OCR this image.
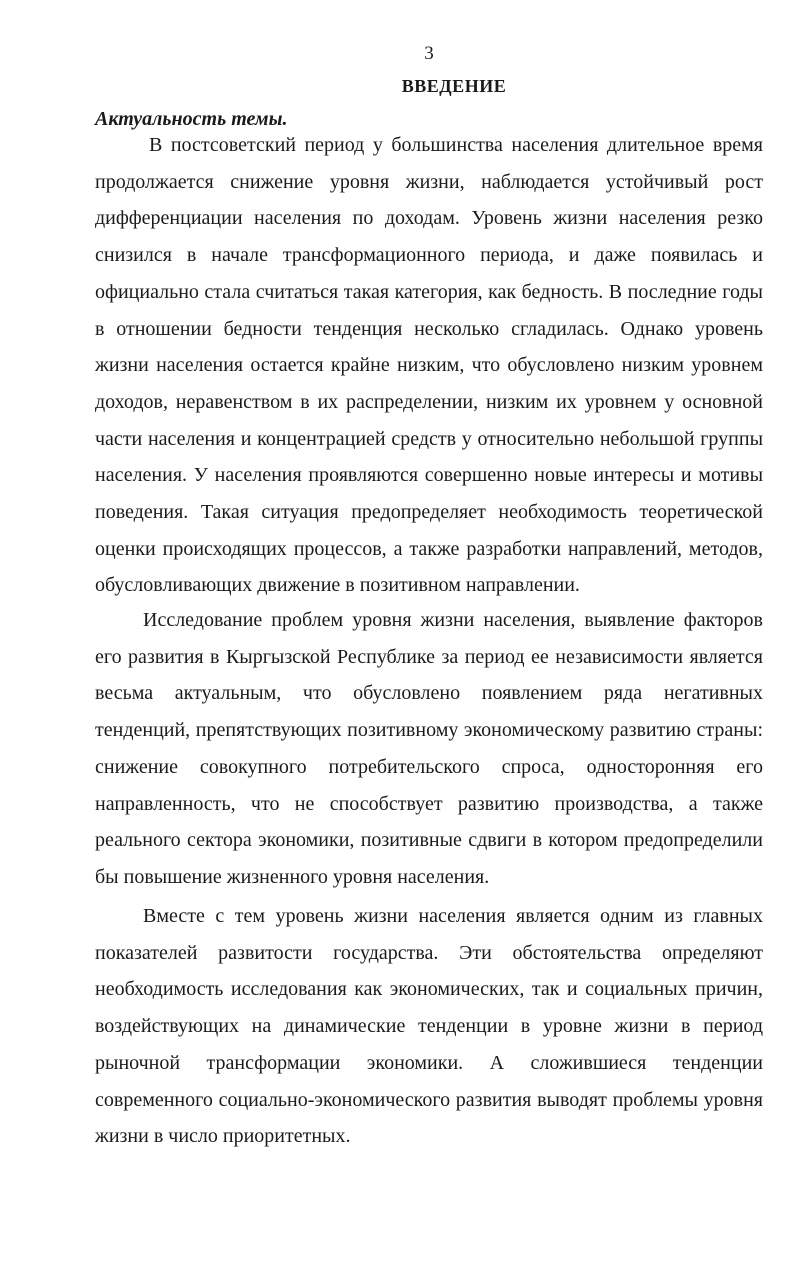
3
ВВЕДЕНИЕ
Актуальность темы.

В постсоветский период у большинства населения длительное время продолжается снижение уровня жизни, наблюдается устойчивый рост дифференциации населения по доходам. Уровень жизни населения резко снизился в начале трансформационного периода, и даже появилась и официально стала считаться такая категория, как бедность. В последние годы в отношении бедности тенденция несколько сгладилась. Однако уровень жизни населения остается крайне низким, что обусловлено низким уровнем доходов, неравенством в их распределении, низким их уровнем у основной части населения и концентрацией средств у относительно небольшой группы населения. У населения проявляются совершенно новые интересы и мотивы поведения. Такая ситуация предопределяет необходимость теоретической оценки происходящих процессов, а также разработки направлений, методов, обусловливающих движение в позитивном направлении.

Исследование проблем уровня жизни населения, выявление факторов его развития в Кыргызской Республике за период ее независимости является весьма актуальным, что обусловлено появлением ряда негативных тенденций, препятствующих позитивному экономическому развитию страны: снижение совокупного потребительского спроса, односторонняя его направленность, что не способствует развитию производства, а также реального сектора экономики, позитивные сдвиги в котором предопределили бы повышение жизненного уровня населения.

Вместе с тем уровень жизни населения является одним из главных показателей развитости государства. Эти обстоятельства определяют необходимость исследования как экономических, так и социальных причин, воздействующих на динамические тенденции в уровне жизни в период рыночной трансформации экономики. А сложившиеся тенденции современного социально-экономического развития выводят проблемы уровня жизни в число приоритетных.
